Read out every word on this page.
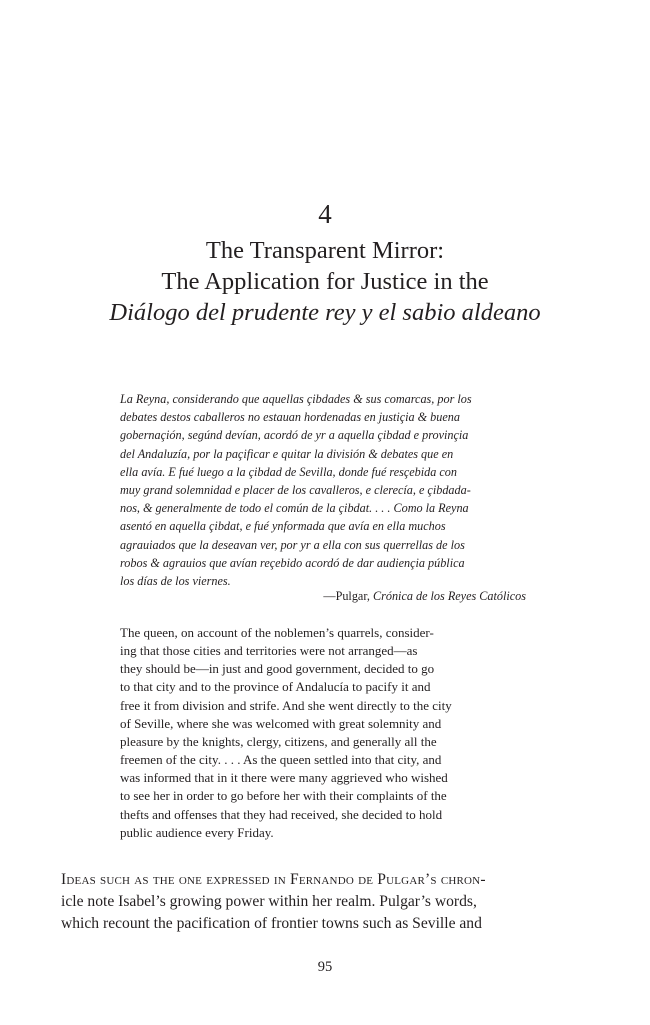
4
The Transparent Mirror:
The Application for Justice in the
Diálogo del prudente rey y el sabio aldeano
La Reyna, considerando que aquellas çibdades & sus comarcas, por los
debates destos caballeros no estauan hordenadas en justiçia & buena
gobernaçión, segúnd devían, acordó de yr a aquella çibdad e provinçia
del Andaluzía, por la paçificar e quitar la división & debates que en
ella avía. E fué luego a la çibdad de Sevilla, donde fué resçebida con
muy grand solemnidad e placer de los cavalleros, e clerecía, e çibdada-
nos, & generalmente de todo el común de la çibdat. . . . Como la Reyna
asentó en aquella çibdat, e fué ynformada que avía en ella muchos
agrauiados que la deseavan ver, por yr a ella con sus querrellas de los
robos & agrauios que avían reçebido acordó de dar audiençia pública
los días de los viernes.
—Pulgar, Crónica de los Reyes Católicos
The queen, on account of the noblemen’s quarrels, consider-
ing that those cities and territories were not arranged—as
they should be—in just and good government, decided to go
to that city and to the province of Andalucía to pacify it and
free it from division and strife. And she went directly to the city
of Seville, where she was welcomed with great solemnity and
pleasure by the knights, clergy, citizens, and generally all the
freemen of the city. . . . As the queen settled into that city, and
was informed that in it there were many aggrieved who wished
to see her in order to go before her with their complaints of the
thefts and offenses that they had received, she decided to hold
public audience every Friday.
Ideas such as the one expressed in Fernando de Pulgar’s chron-
icle note Isabel’s growing power within her realm. Pulgar’s words,
which recount the pacification of frontier towns such as Seville and
95
